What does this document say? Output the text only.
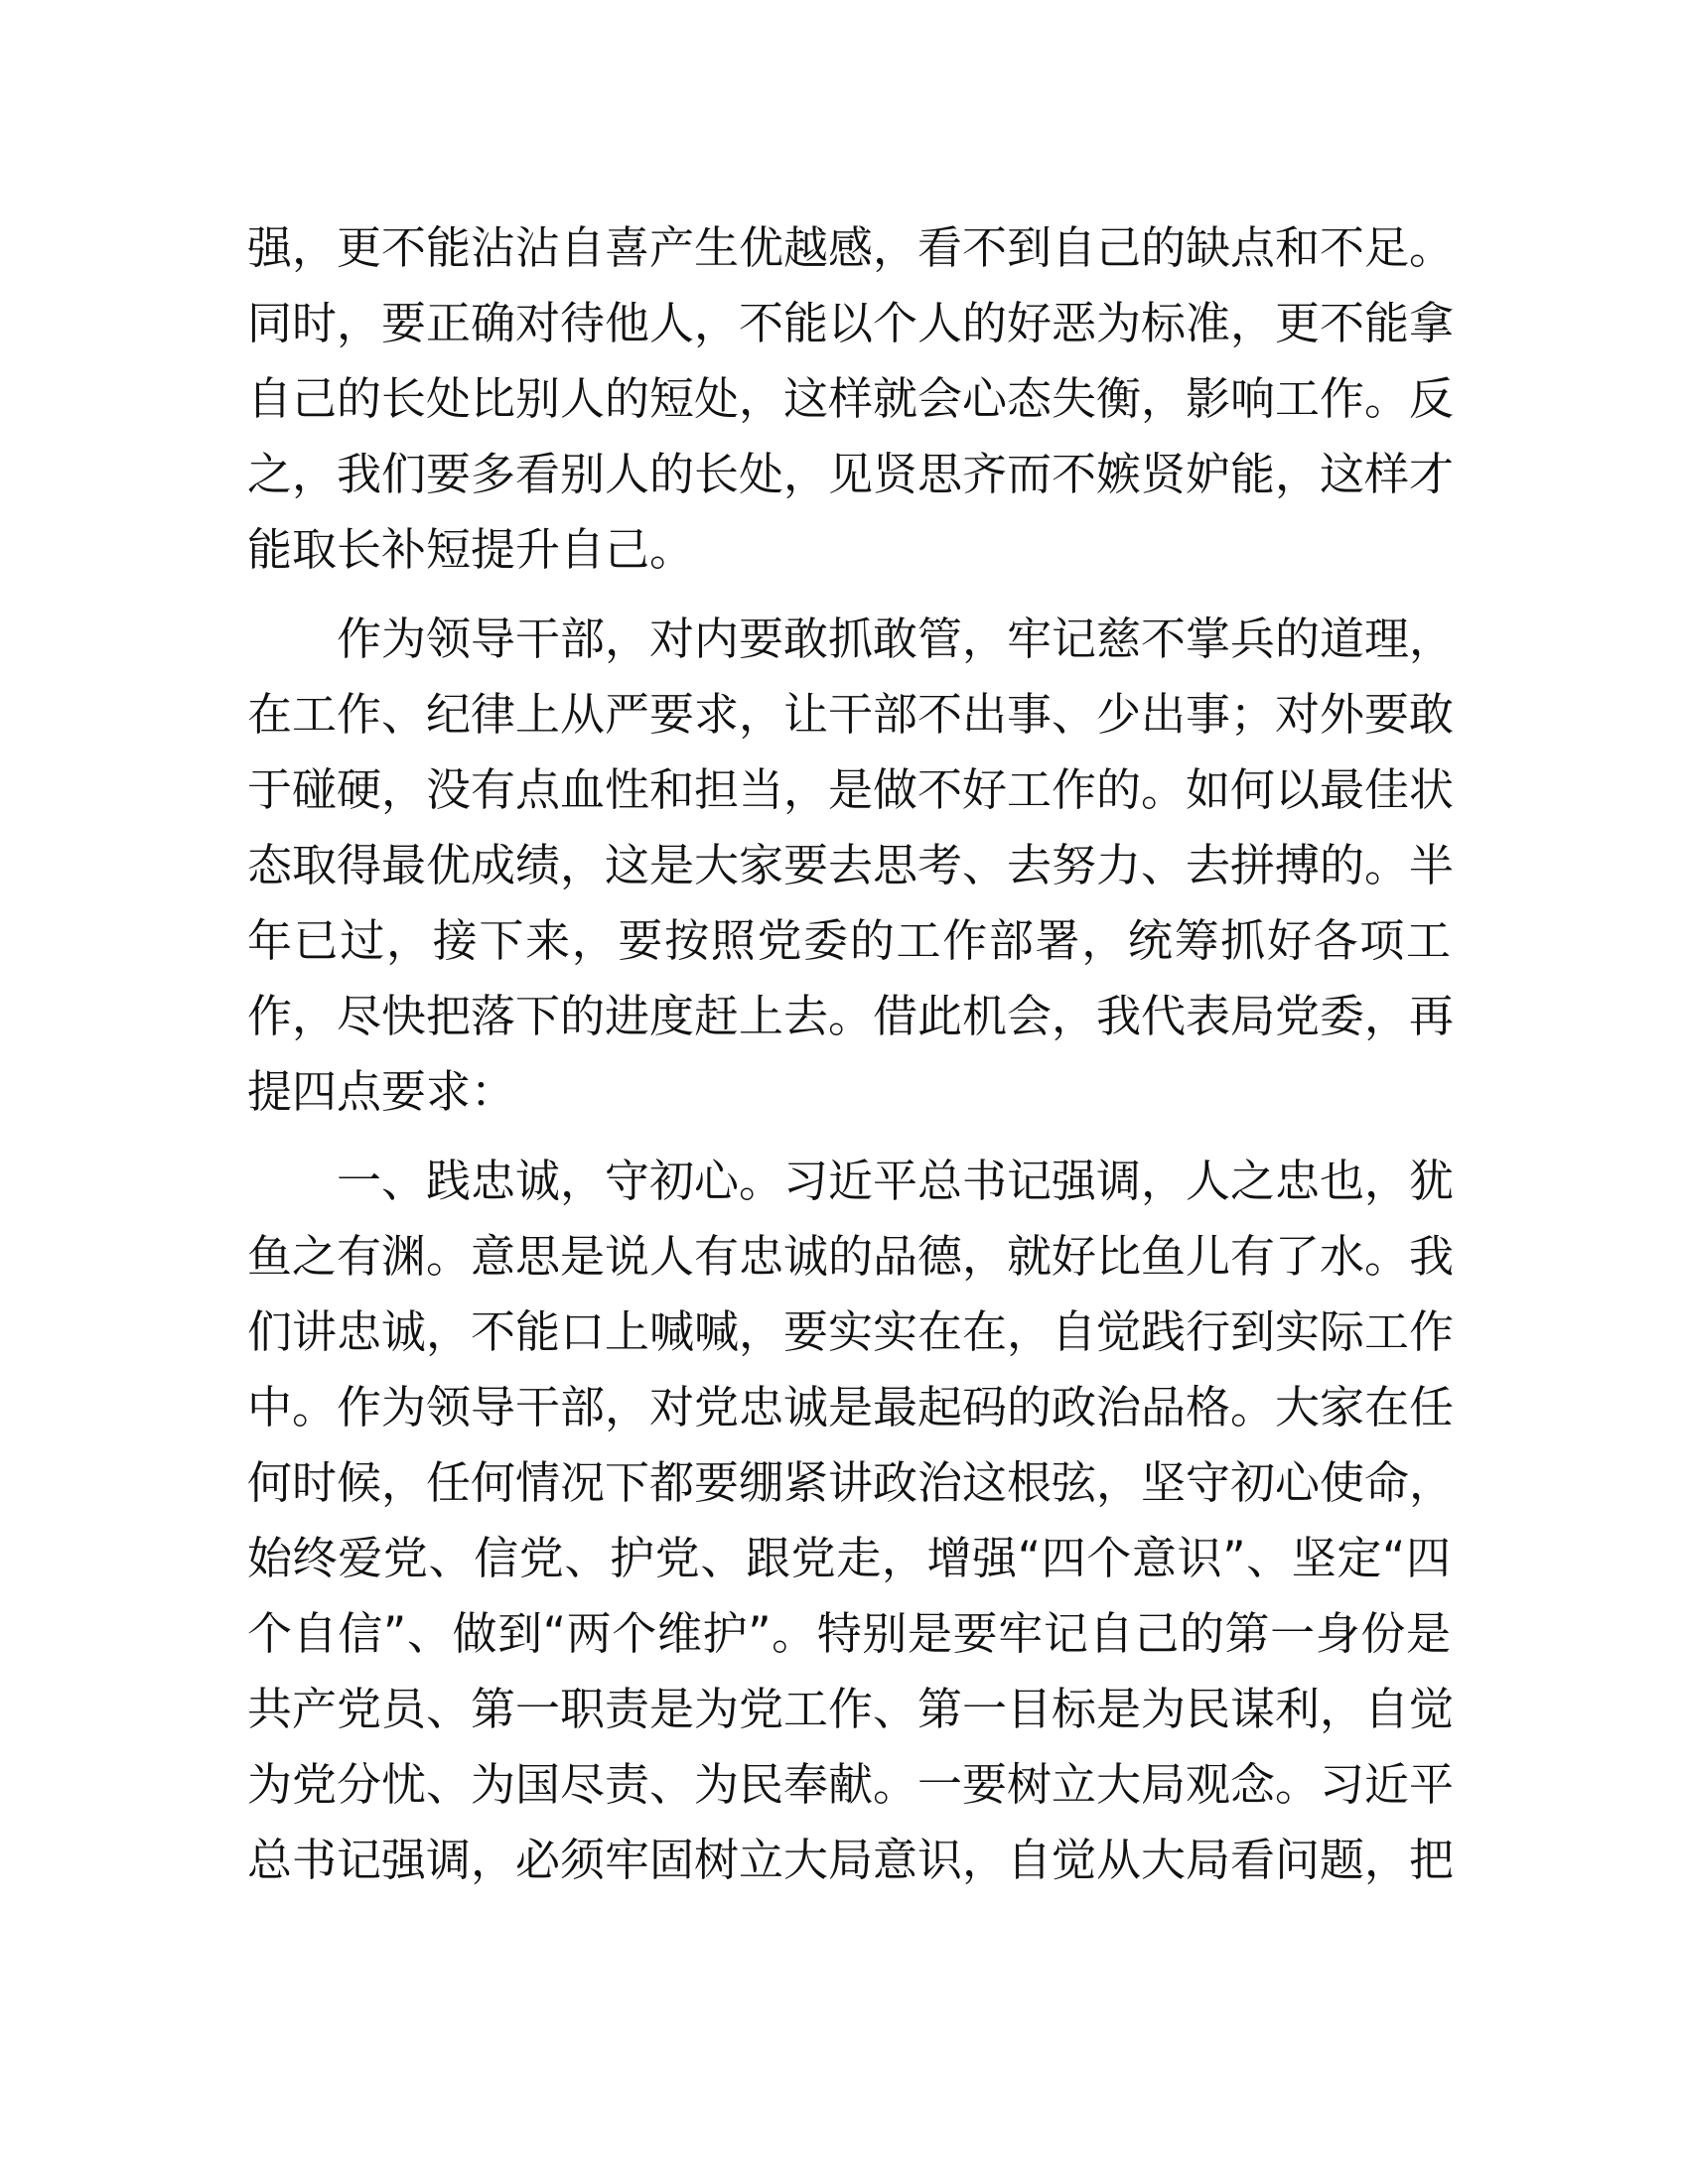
强，更不能沾沾自喜产生优越感，看不到自己的缺点和不足。
同时，要正确对待他人，不能以个人的好恶为标准，更不能拿
自己的长处比别人的短处，这样就会心态失衡，影响工作。反
之，我们要多看别人的长处，见贤思齐而不嫉贤妒能，这样才
能取长补短提升自己。
作为领导干部，对内要敢抓敢管，牢记慈不掌兵的道理，
在工作、纪律上从严要求，让干部不出事、少出事；对外要敢
于碰硬，没有点血性和担当，是做不好工作的。如何以最佳状
态取得最优成绩，这是大家要去思考、去努力、去拼搏的。半
年已过，接下来，要按照党委的工作部署，统筹抓好各项工
作，尽快把落下的进度赶上去。借此机会，我代表局党委，再
提四点要求：
一、践忠诚，守初心。习近平总书记强调，人之忠也，犹
鱼之有渊。意思是说人有忠诚的品德，就好比鱼儿有了水。我
们讲忠诚，不能口上喊喊，要实实在在，自觉践行到实际工作
中。作为领导干部，对党忠诚是最起码的政治品格。大家在任
何时候，任何情况下都要绷紧讲政治这根弦，坚守初心使命，
始终爱党、信党、护党、跟党走，增强“四个意识”、坚定“四
个自信”、做到“两个维护”。特别是要牢记自己的第一身份是
共产党员、第一职责是为党工作、第一目标是为民谋利，自觉
为党分忧、为国尽责、为民奉献。一要树立大局观念。习近平
总书记强调，必须牢固树立大局意识，自觉从大局看问题，把
